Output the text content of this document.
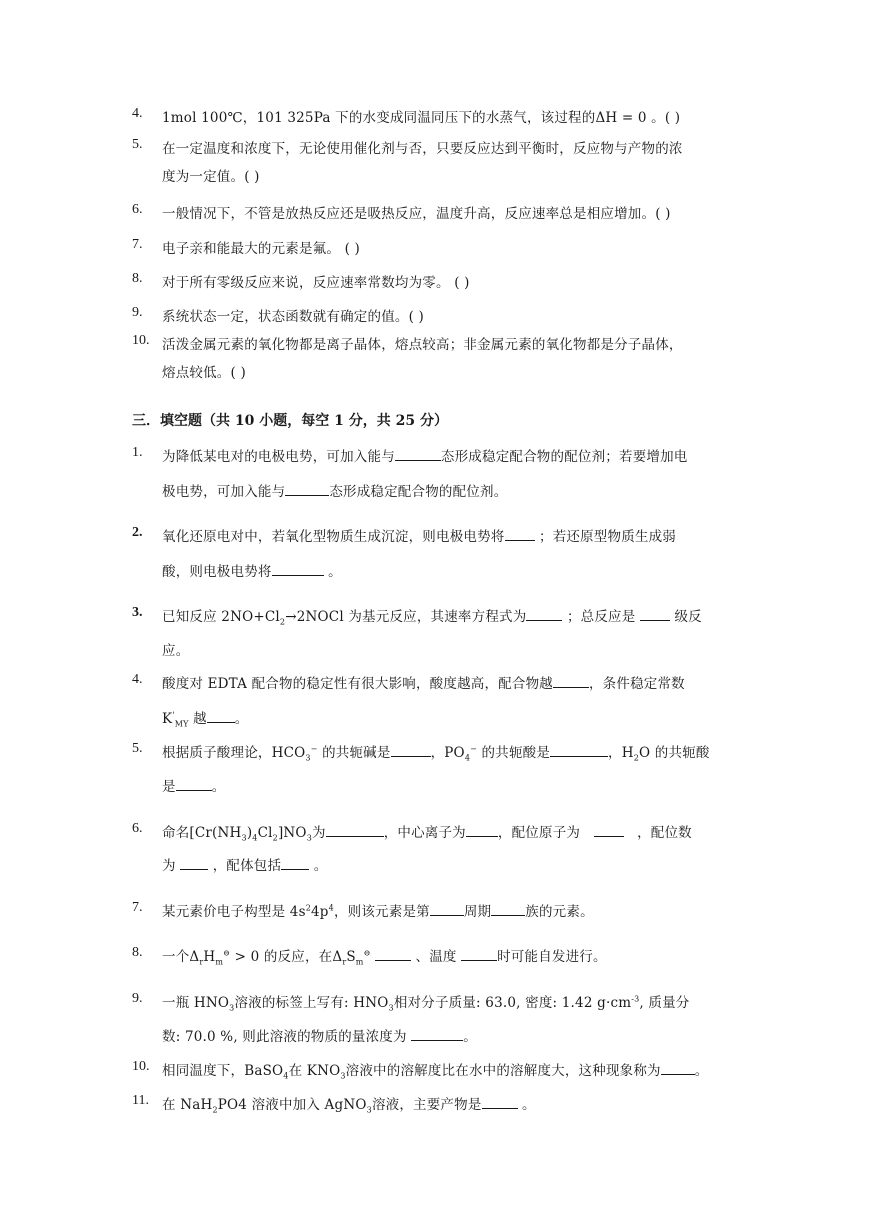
4.	1mol 100℃，101 325Pa 下的水变成同温同压下的水蒸气，该过程的ΔH = 0 。( )
5.	在一定温度和浓度下，无论使用催化剂与否，只要反应达到平衡时，反应物与产物的浓
度为一定值。( )
6.	一般情况下，不管是放热反应还是吸热反应，温度升高，反应速率总是相应增加。( )
7.	电子亲和能最大的元素是氟。 ( )
8.	对于所有零级反应来说，反应速率常数均为零。 ( )
9.	系统状态一定，状态函数就有确定的值。( )
10. 活泼金属元素的氧化物都是离子晶体，熔点较高；非金属元素的氧化物都是分子晶体，
熔点较低。( )
三．填空题（共 10 小题，每空 1 分，共 25 分）
1.	为降低某电对的电极电势，可加入能与	态形成稳定配合物的配位剂；若要增加电
极电势，可加入能与	态形成稳定配合物的配位剂。
2.	氧化还原电对中，若氧化型物质生成沉淀，则电极电势将	；若还原型物质生成弱
酸，则电极电势将	。
3.	已知反应 $2NO+Cl_2\to 2NOCl$ 为基元反应，其速率方程式为	；总反应是	级反
应。
4.	酸度对 EDTA 配合物的稳定性有很大影响，酸度越高，配合物越	，条件稳定常数
$K'_{MY}$ 越 。
5.	根据质子酸理论，$HCO_3^-$ 的共轭碱是	，$PO_4^-$ 的共轭酸是	，$H_2O$ 的共轭酸
是	。
6.	命名$[Cr(NH_3)_4Cl_2]NO_3$为	，中心离子为 ，配位原子为	，配位数
为	，配体包括 。
7.	某元素价电子构型是 $4s^24p^4$，则该元素是第	周期	族的元素。
8.	一个$\Delta_rH_m^⊖ > 0$ 的反应，在$\Delta_rS_m^⊖$	、温度	时可能自发进行。
9.	一瓶 $HNO_3$溶液的标签上写有: $HNO_3$相对分子质量: 63.0, 密度: 1.42 $g\cdot cm^{-3}$, 质量分
数: 70.0 %, 则此溶液的物质的量浓度为	。
10. 相同温度下，BaSO$_4$在 $KNO_3$溶液中的溶解度比在水中的溶解度大，这种现象称为	。
11. 在 NaH$_2$PO4 溶液中加入 AgNO$_3$溶液，主要产物是	。
